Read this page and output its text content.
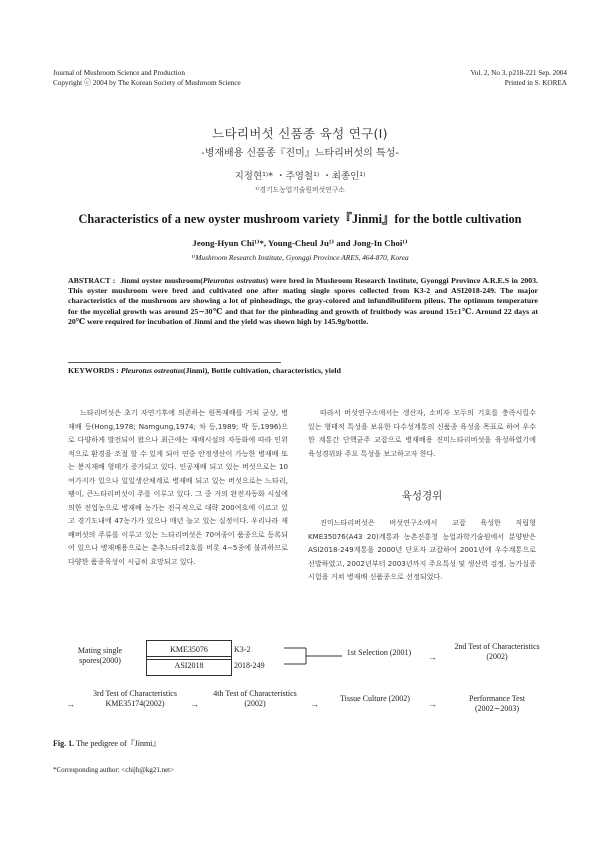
Journal of Mushroom Science and Production
Copyright ⓒ 2004 by The Korean Society of Mushroom Science
Vol. 2, No 3, p218-221 Sep. 2004
Printed in S. KOREA
느타리버섯 신품종 육성 연구(Ⅰ)
-병재배용 신품종『진미』느타리버섯의 특성-
지정현¹⁾* ・주영철¹⁾ ・최종인¹⁾
¹⁾경기도농업기술원버섯연구소
Characteristics of a new oyster mushroom variety『Jinmi』for the bottle cultivation
Jeong-Hyun Chi¹⁾*, Young-Cheul Ju¹⁾ and Jong-In Choi¹⁾
¹⁾Mushroom Research Institute, Gyonggi Province ARES, 464-870, Korea
ABSTRACT : Jinmi oyster mushroom(Pleurotus ostreatus) were bred in Mushroom Research Institute, Gyonggi Province A.R.E.S in 2003. This oyster mushroom were bred and cultivated one after mating single spores collected from K3-2 and ASI2018-249. The major characteristics of the mushroom are showing a lot of pinheadings, the gray-colored and infundibuliform pileus. The optimum temperature for the mycelial growth was around 25∼30℃ and that for the pinheading and growth of fruitbody was around 15±1℃. Around 22 days at 20℃ were required for incubation of Jinmi and the yield was shown high by 145.9g/bottle.
KEYWORDS : Pleurotus ostreatus(Jinmi), Bottle cultivation, characteristics, yield

느타리버섯은 초기 자연기후에 의존하는 원목재배를 거쳐 균상, 병재배 등(Hong,1978; Namgung,1974; 차 등,1989; 박 등,1996)으로 다양하게 발전되어 왔으나 최근에는 재배시설의 자동화에 따라 인위적으로 환경을 조절 할 수 있게 되어 연중 안정생산이 가능한 병재배 또는 봉지재배 형태가 증가되고 있다. 인공재배 되고 있는 버섯으로는 10여가지가 있으나 일일생산체계로 병재배 되고 있는 버섯으로는 느타리, 팽이, 큰느타리버섯이 주를 이루고 있다. 그 중 거의 완전자동화 시설에 의한 전업농으로 병재배 농가는 전국적으로 대략 200여호에 이르고 있고 경기도내에 47농가가 있으나 매년 늘고 있는 실정이다. 우리나라 재배버섯의 주류를 이루고 있는 느타리버섯은 70여종이 품종으로 등록되어 있으나 병재배용으로는 춘추느타리2호를 비롯 4∼5종에 불과하므로 다양한 품종육성이 시급히 요망되고 있다.

따라서 버섯연구소에서는 생산자, 소비자 모두의 기호를 충족시킬수 있는 형태적 특성을 보유한 다수성계통의 신품종 육성을 목표로 하여 우수한 계통간 단핵균주 교잡으로 병재배용 진미느타리버섯을 육성하였기에 육성경위와 주요 특성을 보고하고자 한다.

육성경위

진미느타리버섯은 버섯연구소에서 교잡 육성한 직립형 KME35076(A43 20)계통과 농촌진흥청 농업과학기술원에서 분양받은 ASI2018-249계통을 2000년 단포자 교잡하여 2001년에 우수계통으로 선발하였고, 2002년부터 2003년까지 주요특성 및 생산력 검정, 농가실증시험을 거쳐 병재배 신품종으로 선정되었다.

Mating single spores(2000)
KME35076
ASI2018
K3-2
2018-249
1st Selection (2001)	→
2nd Test of Characteristics (2002)
→
3rd Test of Characteristics KME35174(2002)	→
4th Test of Characteristics (2002)	→
Tissue Culture (2002)
→
Performance Test (2002∼2003)
Fig. 1. The pedigree of『Jinmi』
*Corresponding author: <chijh@kg21.net>
